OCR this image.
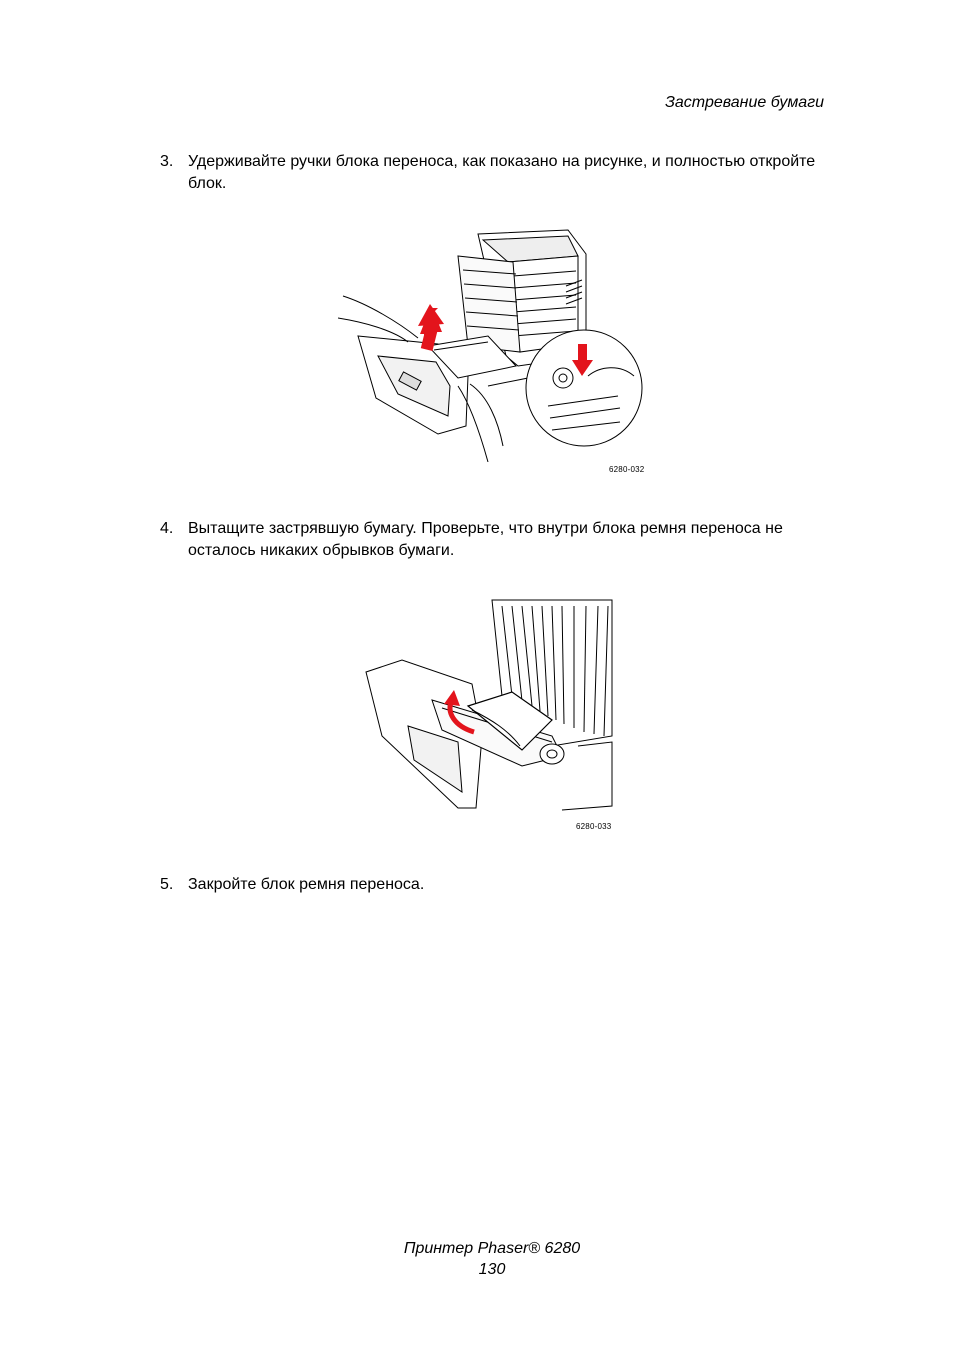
Застревание бумаги
3. Удерживайте ручки блока переноса, как показано на рисунке, и полностью откройте блок.
6280-032
4. Вытащите застрявшую бумагу. Проверьте, что внутри блока ремня переноса не осталось никаких обрывков бумаги.
6280-033
5. Закройте блок ремня переноса.
Принтер Phaser® 6280
130
